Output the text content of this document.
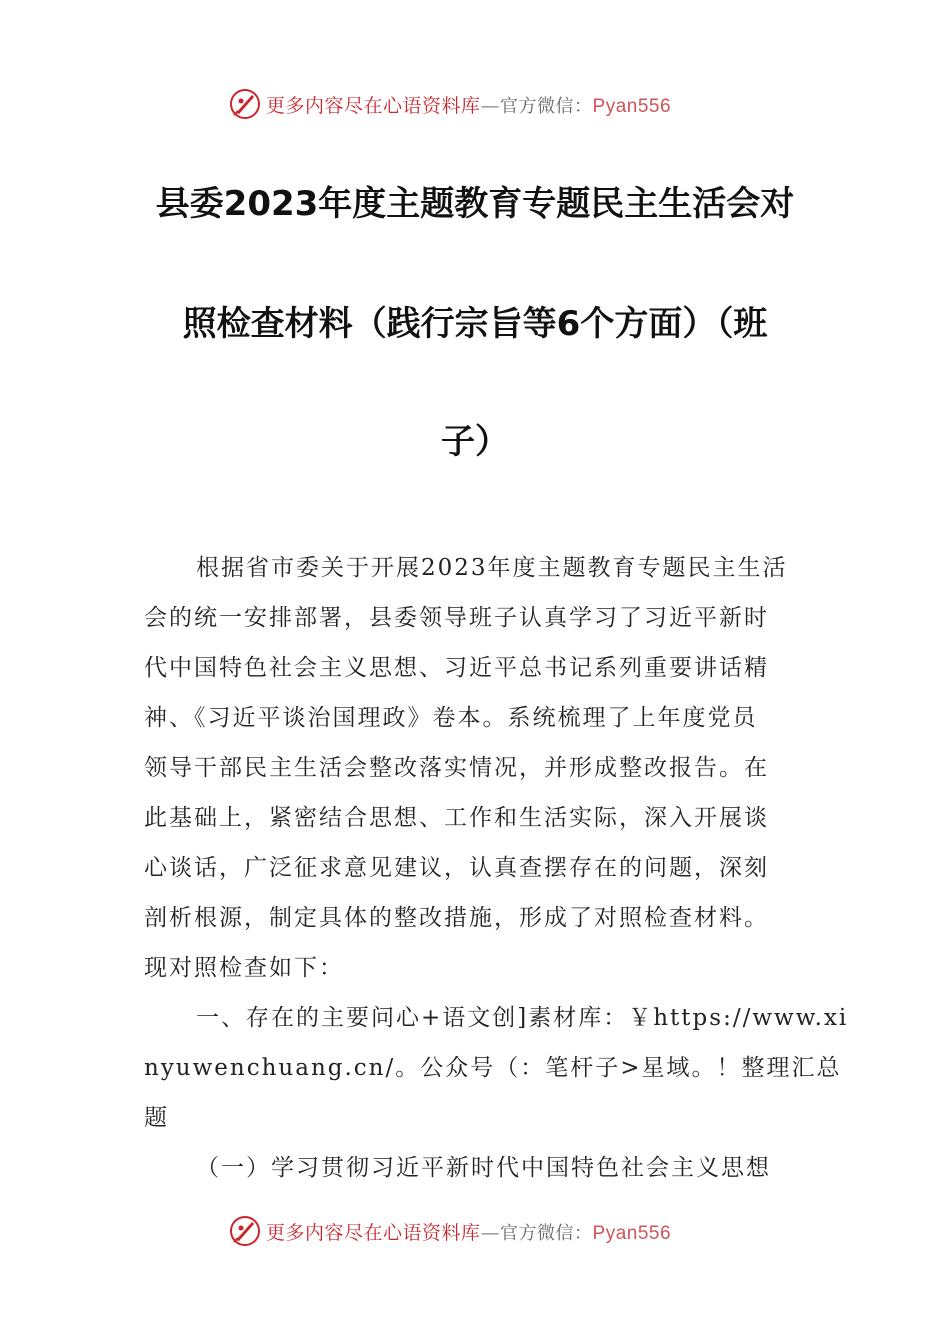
更多内容尽在心语资料库—官方微信：Pyan556
县委2023年度主题教育专题民主生活会对
照检查材料（践行宗旨等6个方面）（班
子）
根据省市委关于开展2023年度主题教育专题民主生活
会的统一安排部署，县委领导班子认真学习了习近平新时
代中国特色社会主义思想、习近平总书记系列重要讲话精
神、《习近平谈治国理政》卷本。系统梳理了上年度党员
领导干部民主生活会整改落实情况，并形成整改报告。在
此基础上，紧密结合思想、工作和生活实际，深入开展谈
心谈话，广泛征求意见建议，认真查摆存在的问题，深刻
剖析根源，制定具体的整改措施，形成了对照检查材料。
现对照检查如下：
一、存在的主要问心+语文创]素材库：￥https://www.xi
nyuwenchuang.cn/。公众号（：笔杆子>星域。！整理汇总
题
（一）学习贯彻习近平新时代中国特色社会主义思想
更多内容尽在心语资料库—官方微信：Pyan556
